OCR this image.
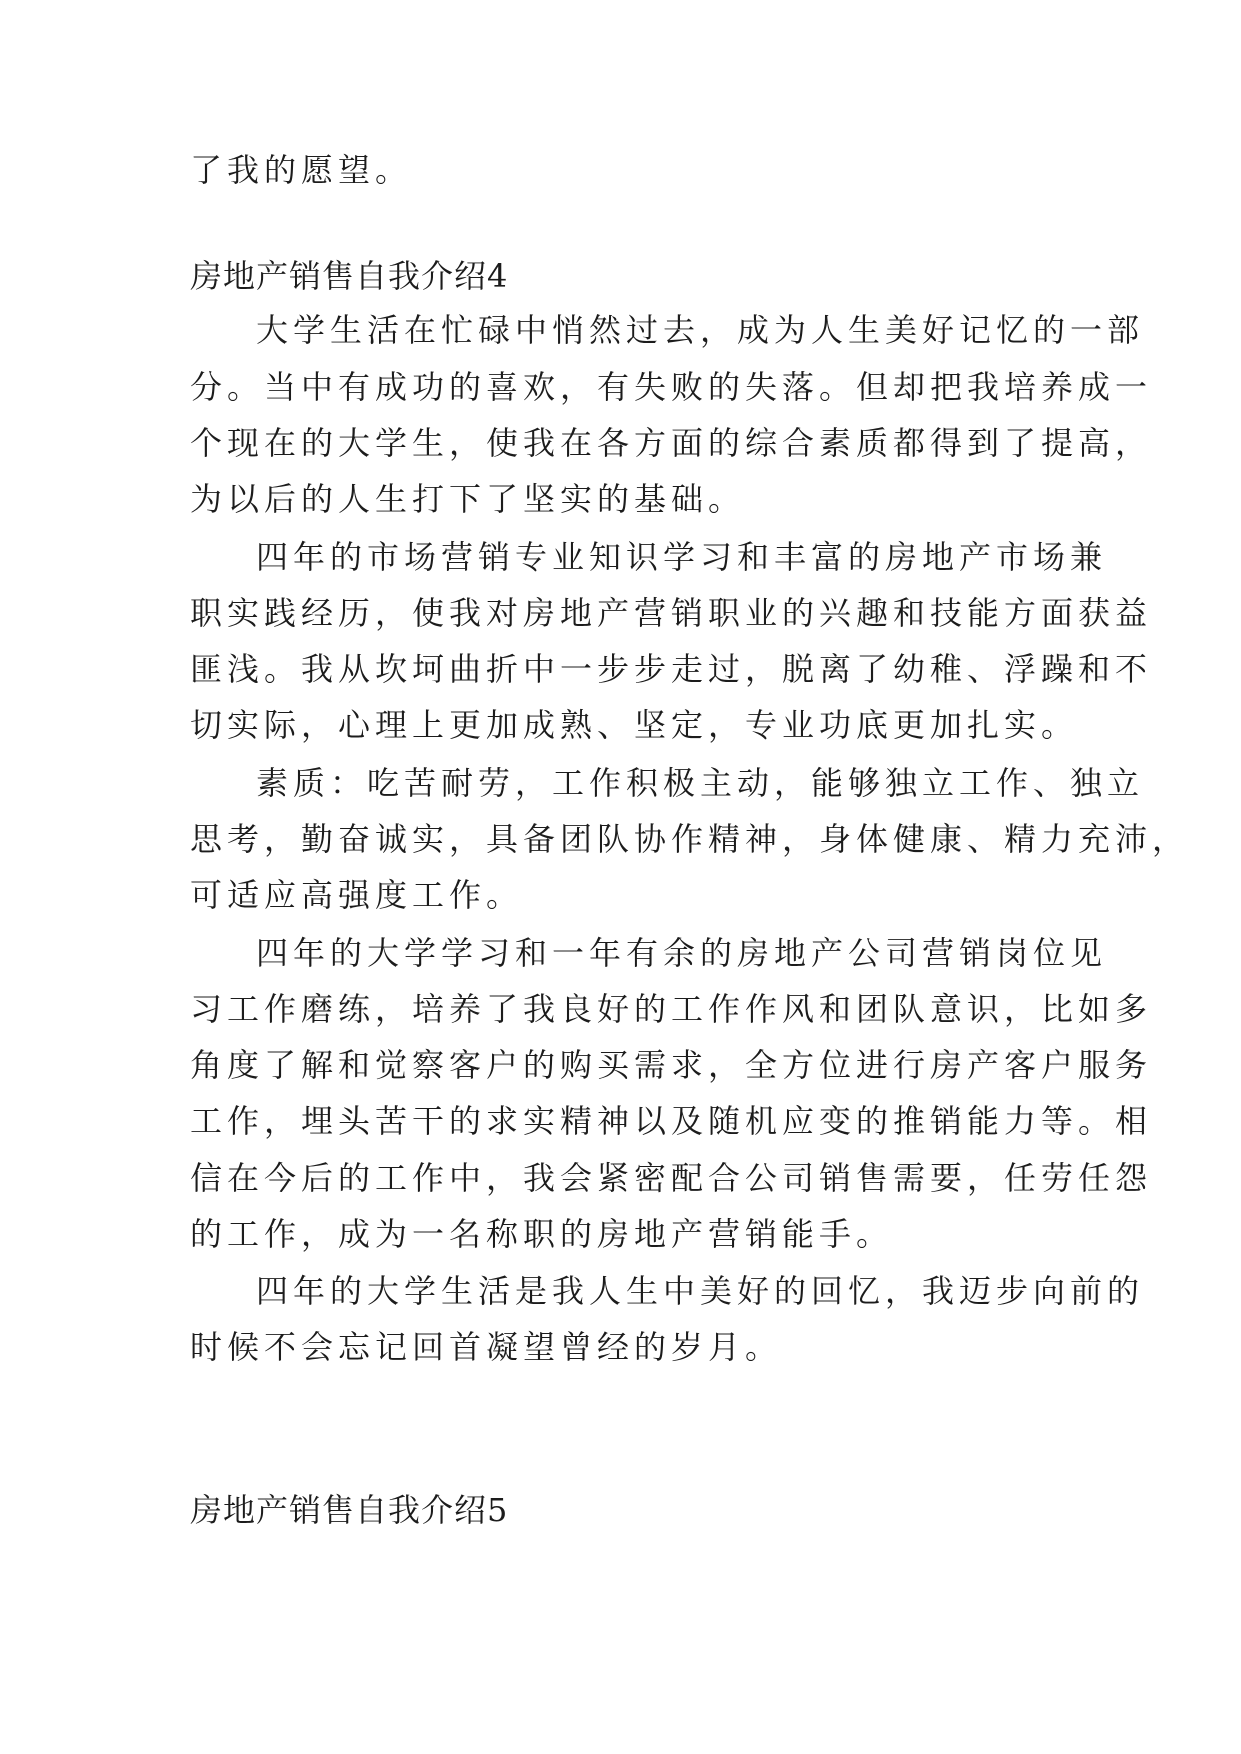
了我的愿望。
房地产销售自我介绍4
大学生活在忙碌中悄然过去，成为人生美好记忆的一部
分。当中有成功的喜欢，有失败的失落。但却把我培养成一
个现在的大学生，使我在各方面的综合素质都得到了提高，
为以后的人生打下了坚实的基础。
四年的市场营销专业知识学习和丰富的房地产市场兼
职实践经历，使我对房地产营销职业的兴趣和技能方面获益
匪浅。我从坎坷曲折中一步步走过，脱离了幼稚、浮躁和不
切实际，心理上更加成熟、坚定，专业功底更加扎实。
素质：吃苦耐劳，工作积极主动，能够独立工作、独立
思考，勤奋诚实，具备团队协作精神，身体健康、精力充沛，
可适应高强度工作。
四年的大学学习和一年有余的房地产公司营销岗位见
习工作磨练，培养了我良好的工作作风和团队意识，比如多
角度了解和觉察客户的购买需求，全方位进行房产客户服务
工作，埋头苦干的求实精神以及随机应变的推销能力等。相
信在今后的工作中，我会紧密配合公司销售需要，任劳任怨
的工作，成为一名称职的房地产营销能手。
四年的大学生活是我人生中美好的回忆，我迈步向前的
时候不会忘记回首凝望曾经的岁月。
房地产销售自我介绍5
